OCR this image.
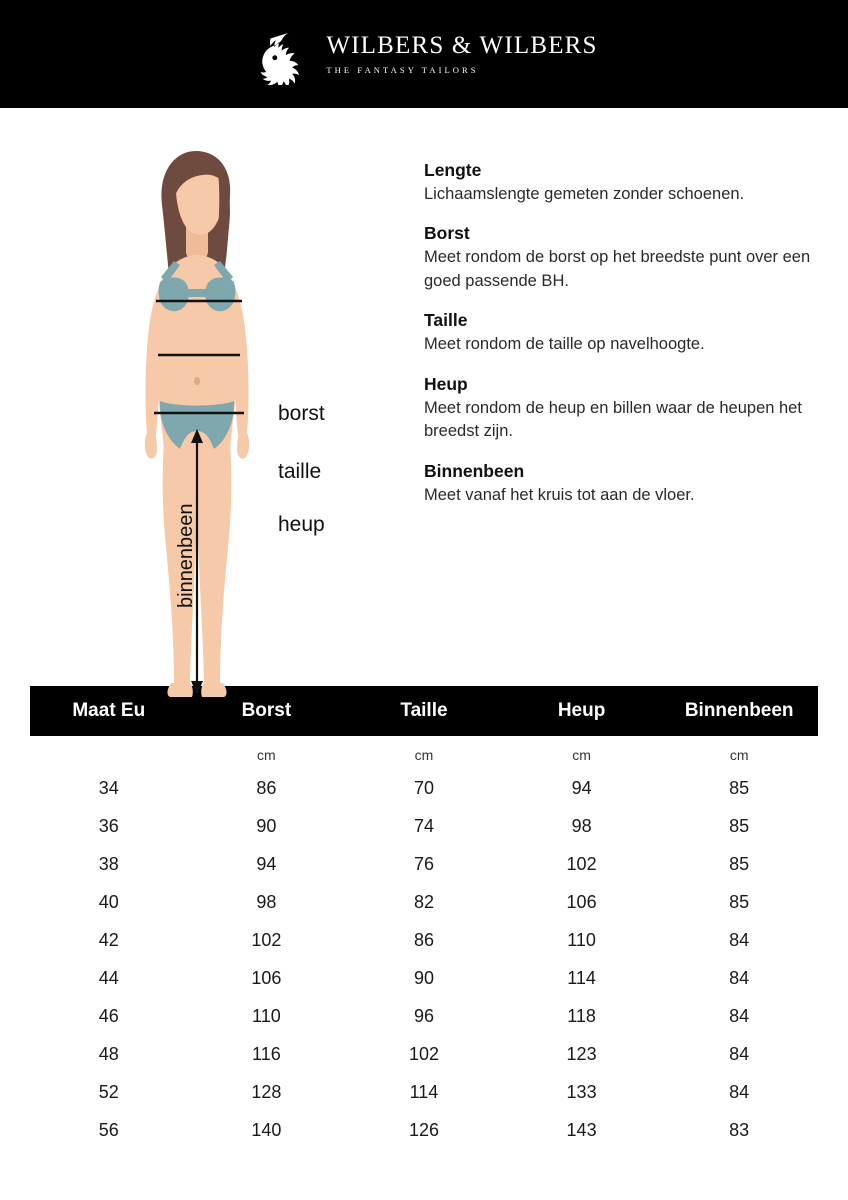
WILBERS & WILBERS
THE FANTASY TAILORS
borst
taille
heup
binnenbeen
Lengte
Lichaamslengte gemeten zonder schoenen.
Borst
Meet rondom de borst op het breedste punt over een goed passende BH.
Taille
Meet rondom de taille op navelhoogte.
Heup
Meet rondom de heup en billen waar de heupen het breedst zijn.
Binnenbeen
Meet vanaf het kruis tot aan de vloer.
Maat Eu	Borst	Taille	Heup	Binnenbeen
	cm	cm	cm	cm
34	86	70	94	85
36	90	74	98	85
38	94	76	102	85
40	98	82	106	85
42	102	86	110	84
44	106	90	114	84
46	110	96	118	84
48	116	102	123	84
52	128	114	133	84
56	140	126	143	83
